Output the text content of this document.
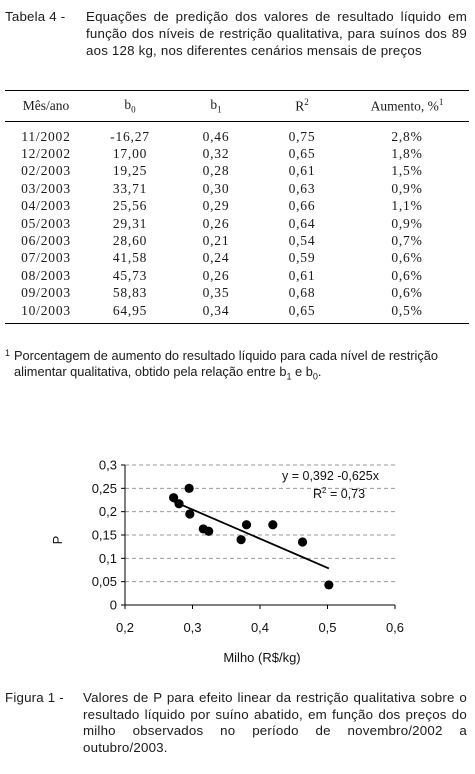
Tabela 4 - Equações de predição dos valores de resultado líquido em função dos níveis de restrição qualitativa, para suínos dos 89 aos 128 kg, nos diferentes cenários mensais de preços
Mês/ano	$b_0$	$b_1$	$R^2$	Aumento, %$^1$
11/2002	-16,27	0,46	0,75	2,8%
12/2002	17,00	0,32	0,65	1,8%
02/2003	19,25	0,28	0,61	1,5%
03/2003	33,71	0,30	0,63	0,9%
04/2003	25,56	0,29	0,66	1,1%
05/2003	29,31	0,26	0,64	0,9%
06/2003	28,60	0,21	0,54	0,7%
07/2003	41,58	0,24	0,59	0,6%
08/2003	45,73	0,26	0,61	0,6%
09/2003	58,83	0,35	0,68	0,6%
10/2003	64,95	0,34	0,65	0,5%
1 Porcentagem de aumento do resultado líquido para cada nível de restrição alimentar qualitativa, obtido pela relação entre $b_1$ e $b_0$.
0
0,05
0,1
0,15
0,2
0,25
0,3
0,2	0,3	0,4	0,5	0,6
y = 0,392 -0,625x
$R^2 = 0,73$
P
Milho (R$/kg)
Figura 1 - Valores de P para efeito linear da restrição qualitativa sobre o resultado líquido por suíno abatido, em função dos preços do milho observados no período de novembro/2002 a outubro/2003.
